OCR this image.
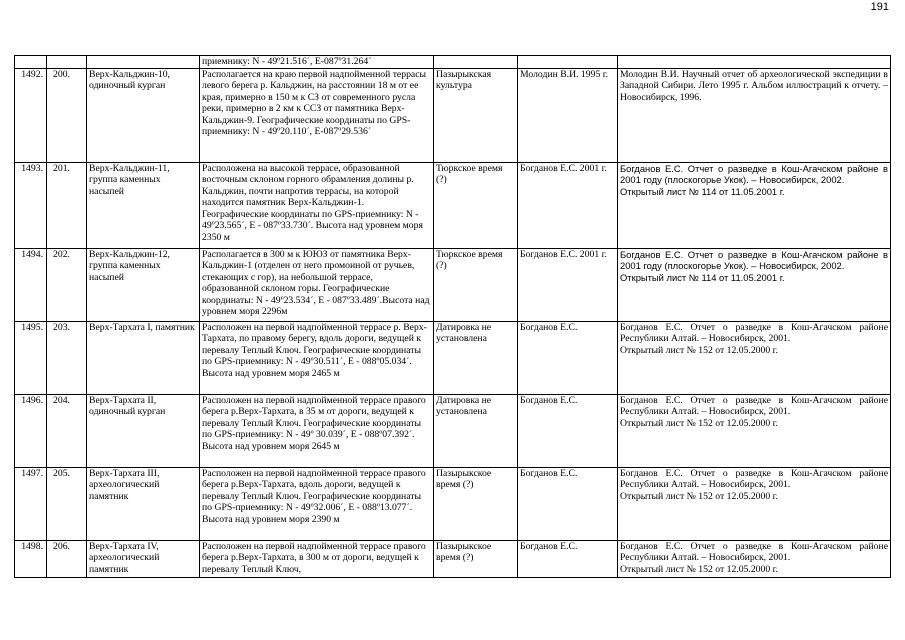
191
			приемнику: N - 49º21.516´, E-087º31.264´			
1492.	200.	Верх-Кальджин-10, одиночный курган	Располагается на краю первой надпойменной террасы левого берега р. Кальджин, на расстоянии 18 м от ее края, примерно в 150 м к СЗ от современного русла реки, примерно в 2 км к ССЗ от памятника Верх-Кальджин-9. Географические координаты по GPS-приемнику: N - 49º20.110´, E-087º29.536´	Пазырыкская культура	Молодин В.И. 1995 г.	Молодин В.И. Научный отчет об археологической экспедиции в Западной Сибири. Лето 1995 г. Альбом иллюстраций к отчету. – Новосибирск, 1996.

1493.	201.	Верх-Кальджин-11, группа каменных насыпей	Расположена на высокой террасе, образованной восточным склоном горного обрамления долины р. Кальджин, почти напротив террасы, на которой находится памятник Верх-Кальджин-1. Географические координаты по GPS-приемнику: N - 49º23.565´, E - 087º33.730´. Высота над уровнем моря 2350 м	Тюркское время (?)	Богданов Е.С. 2001 г.	Богданов Е.С. Отчет о разведке в Кош-Агачском районе в 2001 году (плоскогорье Укок). – Новосибирск, 2002.
Открытый лист № 114 от 11.05.2001 г.

1494.	202.	Верх-Кальджин-12, группа каменных насыпей	Располагается в 300 м к ЮЮЗ от памятника Верх-Кальджин-1 (отделен от него промоиной от ручьев, стекающих с гор), на небольшой террасе, образованной склоном горы. Географические координаты: N - 49º23.534´, E - 087º33.489´.Высота над уровнем моря 2296м	Тюркское время (?)	Богданов Е.С. 2001 г.	Богданов Е.С. Отчет о разведке в Кош-Агачском районе в 2001 году (плоскогорье Укок). – Новосибирск, 2002.
Открытый лист № 114 от 11.05.2001 г.

1495.	203.	Верх-Тархата I, памятник	Расположен на первой надпойменной террасе р. Верх-Тархата, по правому берегу, вдоль дороги, ведущей к перевалу Теплый Ключ. Географические координаты по GPS-приемнику: N - 49º30.511´, E - 088º05.034´. Высота над уровнем моря 2465 м	Датировка не установлена	Богданов Е.С.	Богданов Е.С. Отчет о разведке в Кош-Агачском районе Республики Алтай. – Новосибирск, 2001.
Открытый лист № 152 от 12.05.2000 г.

1496.	204.	Верх-Тархата II, одиночный курган	Расположен на первой надпойменной террасе правого берега р.Верх-Тархата, в 35 м от дороги, ведущей к перевалу Теплый Ключ. Географические координаты по GPS-приемнику: N - 49º 30.039´, E - 088º07.392´. Высота над уровнем моря 2645 м	Датировка не установлена	Богданов Е.С.	Богданов Е.С. Отчет о разведке в Кош-Агачском районе Республики Алтай. – Новосибирск, 2001.
Открытый лист № 152 от 12.05.2000 г.

1497.	205.	Верх-Тархата III, археологический памятник	Расположен на первой надпойменной террасе правого берега р.Верх-Тархата, вдоль дороги, ведущей к перевалу Теплый Ключ. Географические координаты по GPS-приемнику: N - 49º32.006´, E - 088º13.077´. Высота над уровнем моря 2390 м	Пазырыкское время (?)	Богданов Е.С.	Богданов Е.С. Отчет о разведке в Кош-Агачском районе Республики Алтай. – Новосибирск, 2001.
Открытый лист № 152 от 12.05.2000 г.

1498.	206.	Верх-Тархата IV, археологический памятник	Расположен на первой надпойменной террасе правого берега р.Верх-Тархата, в 300 м от дороги, ведущей к перевалу Теплый Ключ,	Пазырыкское время (?)	Богданов Е.С.	Богданов Е.С. Отчет о разведке в Кош-Агачском районе Республики Алтай. – Новосибирск, 2001.
Открытый лист № 152 от 12.05.2000 г.
